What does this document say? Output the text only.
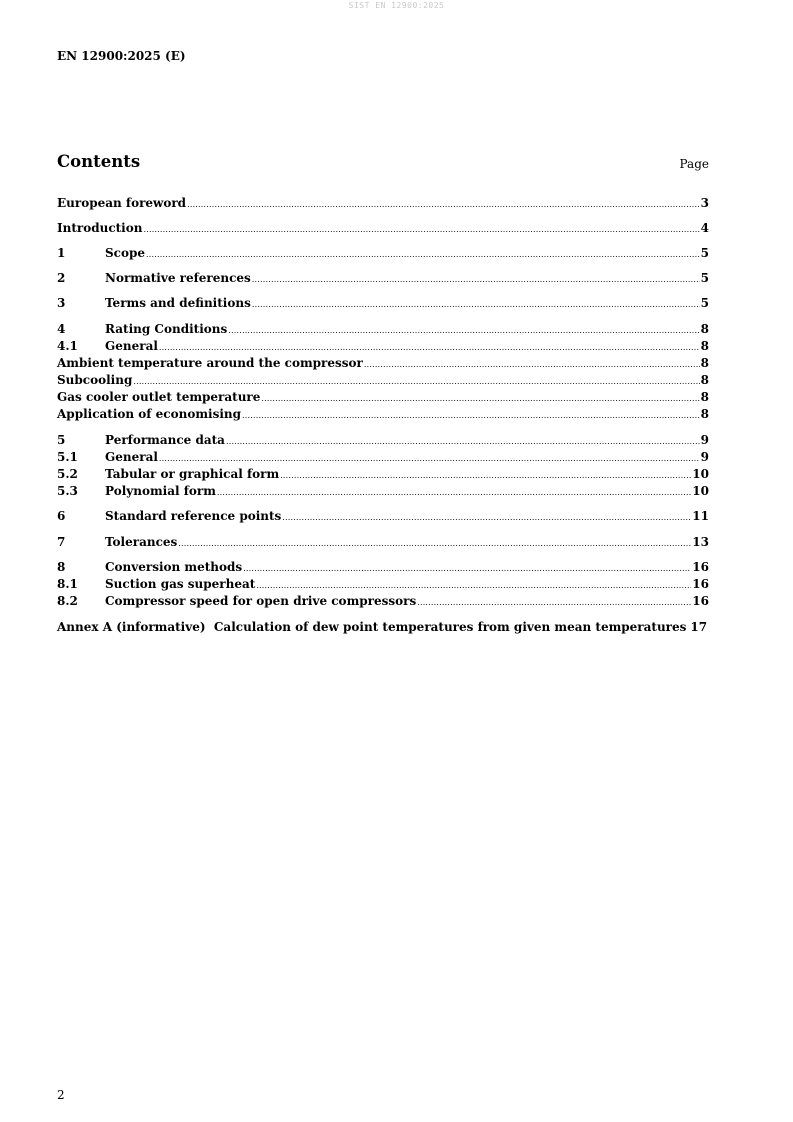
SIST EN 12900:2025
EN 12900:2025 (E)
Contents	Page
European foreword .....	3
Introduction .....	4
1	Scope .....	5
2	Normative references .....	5
3	Terms and definitions .....	5
4	Rating Conditions .....	8
4.1	General .....	8
Ambient temperature around the compressor .....	8
Subcooling .....	8
Gas cooler outlet temperature .....	8
Application of economising .....	8
5	Performance data .....	9
5.1	General .....	9
5.2	Tabular or graphical form .....	10
5.3	Polynomial form .....	10
6	Standard reference points .....	11
7	Tolerances .....	13
8	Conversion methods .....	16
8.1	Suction gas superheat .....	16
8.2	Compressor speed for open drive compressors .....	16
Annex A (informative)  Calculation of dew point temperatures from given mean temperatures 17
2
